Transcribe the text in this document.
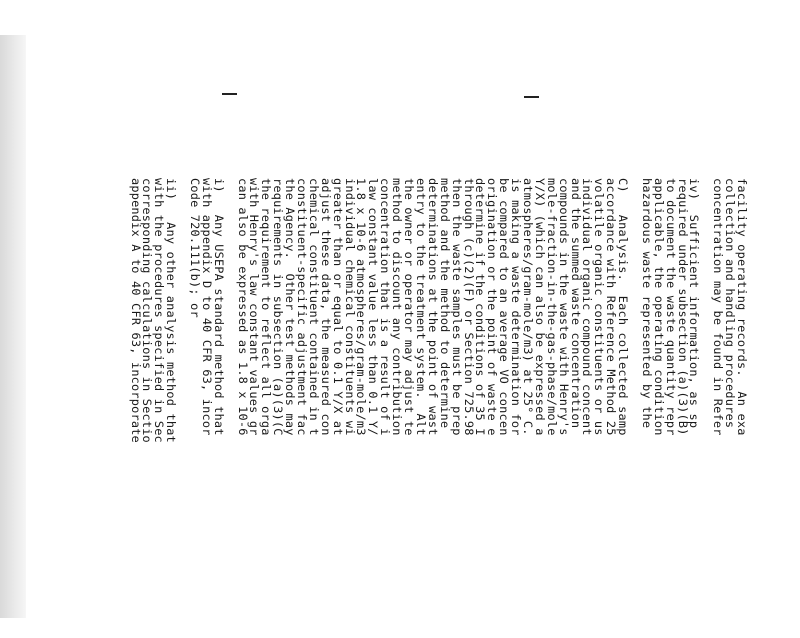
facility operating records.  An exa
collection and handling procedures
concentration may be found in Refer
iv)  Sufficient information, as sp
required under subsection (a)(3)(B)
to document the waste quantity repr
applicable, the operating condition
hazardous waste represented by the
C)   Analysis.  Each collected samp
accordance with Reference Method 25
volatile organic constituents or us
individual organic compound concent
and the summed waste concentration
compounds in the waste with Henry's
mole-fraction-in-the-gas-phase/mole
Y/X) (which can also be expressed a
atmospheres/gram-mole/m3) at 25° C.
is making a waste determination for
be compared to an average VO concen
origination or the point of waste e
determine if the conditions of 35 I
through (c)(2)(F) or Section 725.98
then the waste samples must be prep
method and the method to determine
determinations at the point of wast
entry to the treatment system.  Alt
the owner or operator may adjust te
method to discount any contribution
concentration that is a result of i
law constant value less than 0.1 Y/
1.8 x 10-6 atmospheres/gram-mole/m3
individual chemical constituents wi
greater than or equal to 0.1 Y/X at
adjust these data, the measured con
chemical constituent contained in t
constituent-specific adjustment fac
the Agency.  Other test methods may
requirements in subsection (a)(3)(C
the requirement to reflect all orga
with Henry's law constant values gr
can also be expressed as 1.8 x 10-6
i)   Any USEPA standard method that
with appendix D to 40 CFR 63, incor
Code 720.111(b); or
ii)   Any other analysis method that
with the procedures specified in Sec
corresponding calculations in Sectio
appendix A to 40 CFR 63, incorporate
